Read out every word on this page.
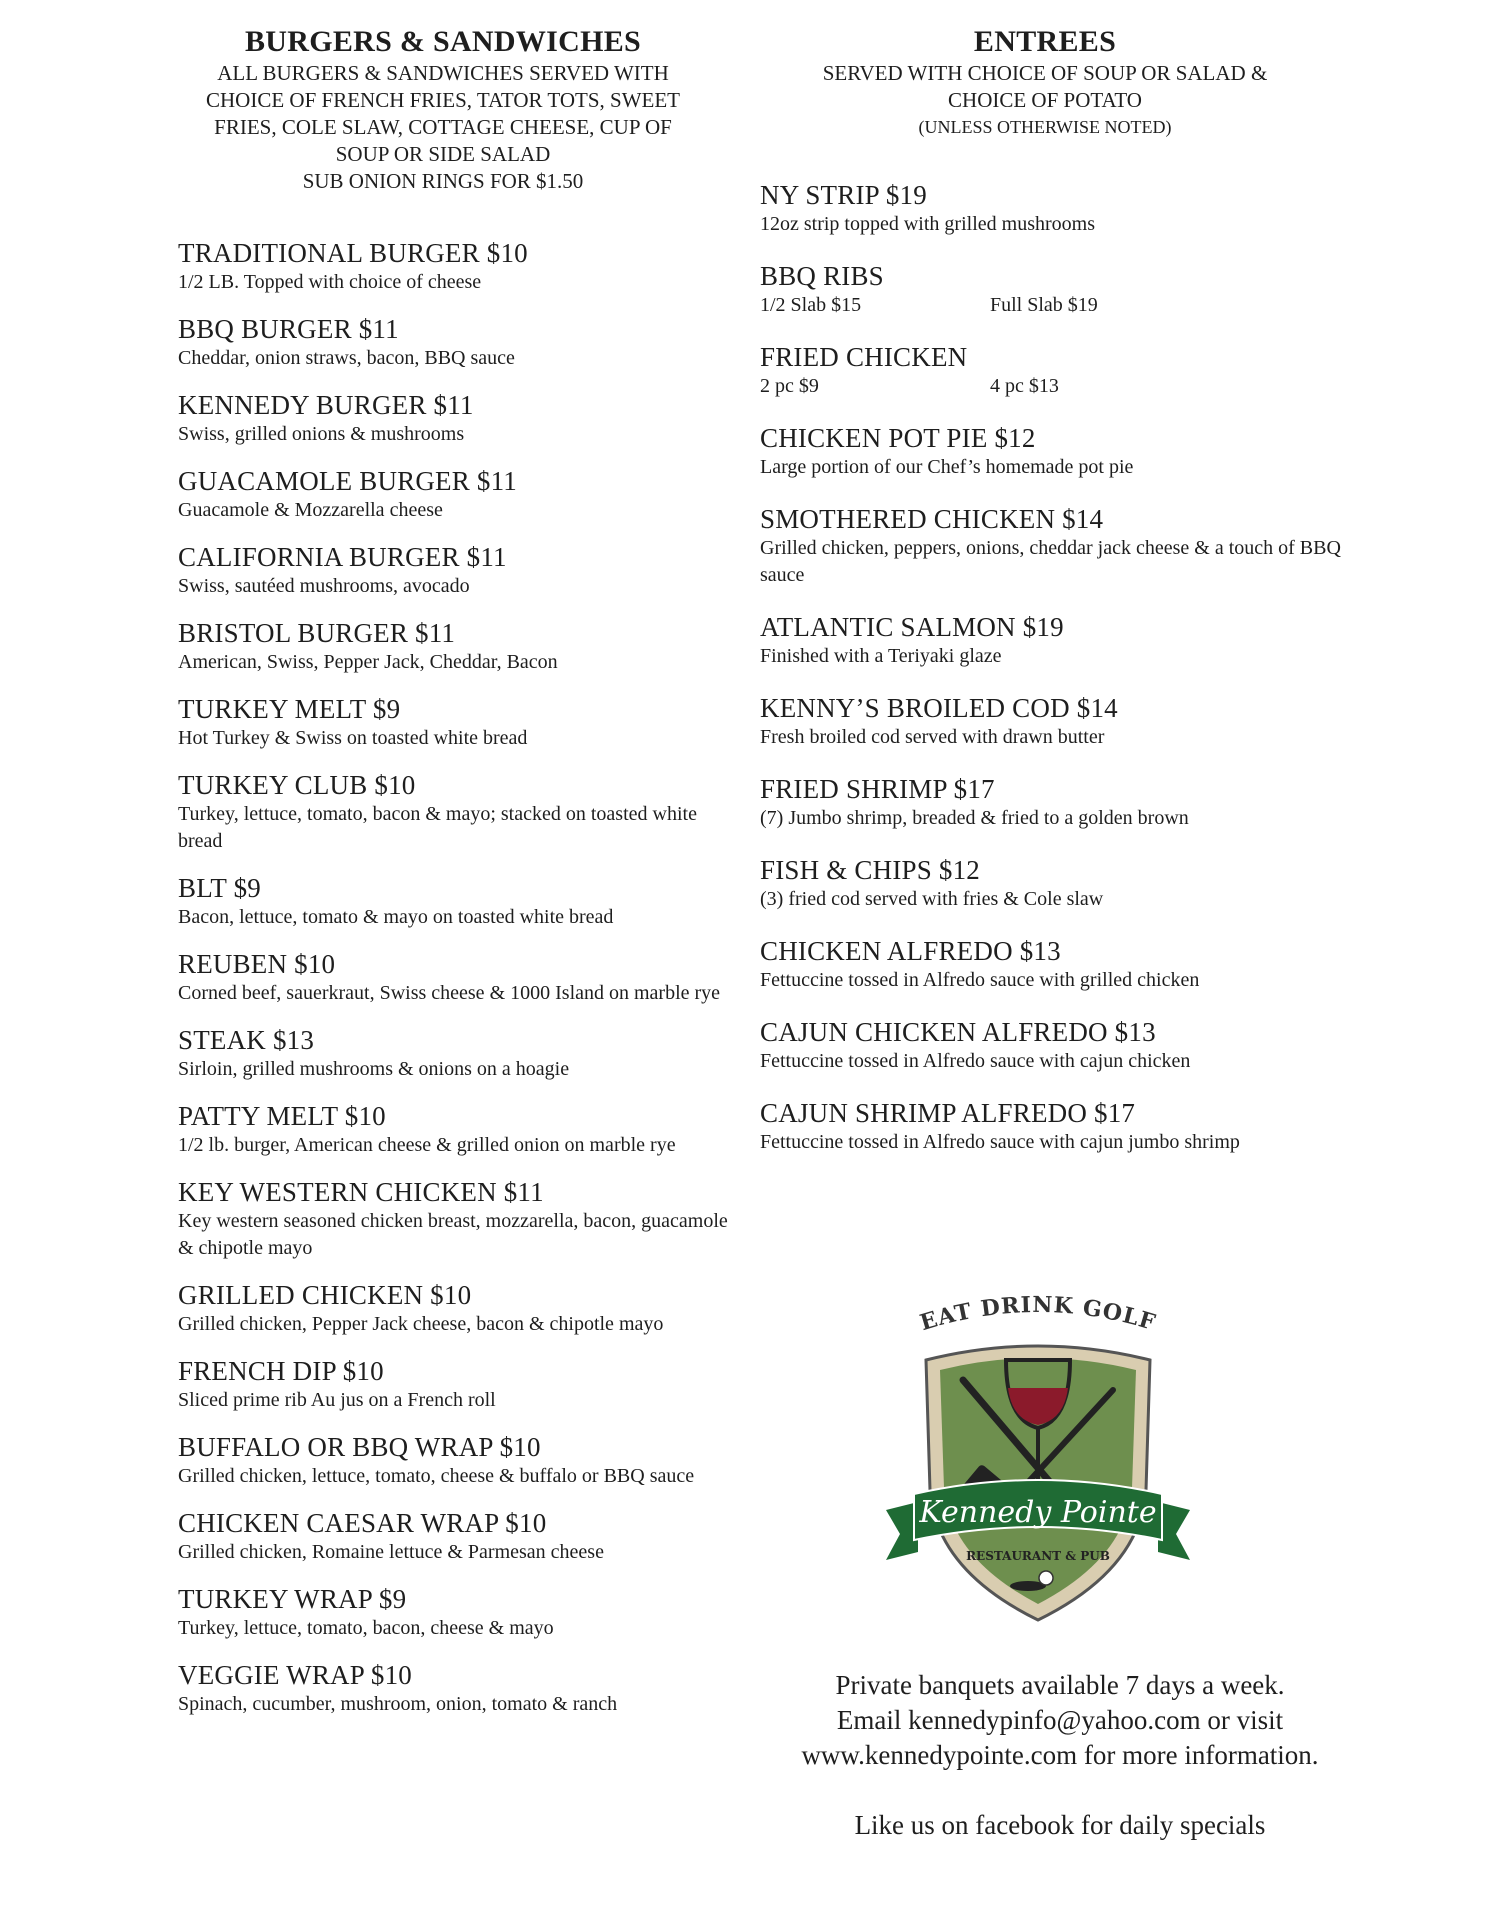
BURGERS & SANDWICHES
ALL BURGERS & SANDWICHES SERVED WITH
CHOICE OF FRENCH FRIES, TATOR TOTS, SWEET
FRIES, COLE SLAW, COTTAGE CHEESE, CUP OF
SOUP OR SIDE SALAD
SUB ONION RINGS FOR $1.50
TRADITIONAL BURGER $10
1/2 LB. Topped with choice of cheese
BBQ BURGER $11
Cheddar, onion straws, bacon, BBQ sauce
KENNEDY BURGER $11
Swiss, grilled onions & mushrooms
GUACAMOLE BURGER $11
Guacamole & Mozzarella cheese
CALIFORNIA BURGER $11
Swiss, sautéed mushrooms, avocado
BRISTOL BURGER $11
American, Swiss, Pepper Jack, Cheddar, Bacon
TURKEY MELT $9
Hot Turkey & Swiss on toasted white bread
TURKEY CLUB $10
Turkey, lettuce, tomato, bacon & mayo; stacked on toasted white bread
BLT $9
Bacon, lettuce, tomato & mayo on toasted white bread
REUBEN $10
Corned beef, sauerkraut, Swiss cheese & 1000 Island on marble rye
STEAK $13
Sirloin, grilled mushrooms & onions on a hoagie
PATTY MELT $10
1/2 lb. burger, American cheese & grilled onion on marble rye
KEY WESTERN CHICKEN $11
Key western seasoned chicken breast, mozzarella, bacon, guacamole & chipotle mayo
GRILLED CHICKEN $10
Grilled chicken, Pepper Jack cheese, bacon & chipotle mayo
FRENCH DIP $10
Sliced prime rib Au jus on a French roll
BUFFALO OR BBQ WRAP $10
Grilled chicken, lettuce, tomato, cheese & buffalo or BBQ sauce
CHICKEN CAESAR WRAP $10
Grilled chicken, Romaine lettuce & Parmesan cheese
TURKEY WRAP $9
Turkey, lettuce, tomato, bacon, cheese & mayo
VEGGIE WRAP $10
Spinach, cucumber, mushroom, onion, tomato & ranch
ENTREES
SERVED WITH CHOICE OF SOUP OR SALAD &
CHOICE OF POTATO
(UNLESS OTHERWISE NOTED)
NY STRIP $19
12oz strip topped with grilled mushrooms
BBQ RIBS
1/2 Slab $15	Full Slab $19
FRIED CHICKEN
2 pc $9	4 pc $13
CHICKEN POT PIE $12
Large portion of our Chef’s homemade pot pie
SMOTHERED CHICKEN $14
Grilled chicken, peppers, onions, cheddar jack cheese & a touch of BBQ sauce
ATLANTIC SALMON $19
Finished with a Teriyaki glaze
KENNY’S BROILED COD $14
Fresh broiled cod served with drawn butter
FRIED SHRIMP $17
(7) Jumbo shrimp, breaded & fried to a golden brown
FISH & CHIPS $12
(3) fried cod served with fries & Cole slaw
CHICKEN ALFREDO $13
Fettuccine tossed in Alfredo sauce with grilled chicken
CAJUN CHICKEN ALFREDO $13
Fettuccine tossed in Alfredo sauce with cajun chicken
CAJUN SHRIMP ALFREDO $17
Fettuccine tossed in Alfredo sauce with cajun jumbo shrimp
EAT DRINK GOLF
Kennedy Pointe
RESTAURANT & PUB
Private banquets available 7 days a week.
Email kennedypinfo@yahoo.com or visit
www.kennedypointe.com for more information.
Like us on facebook for daily specials
